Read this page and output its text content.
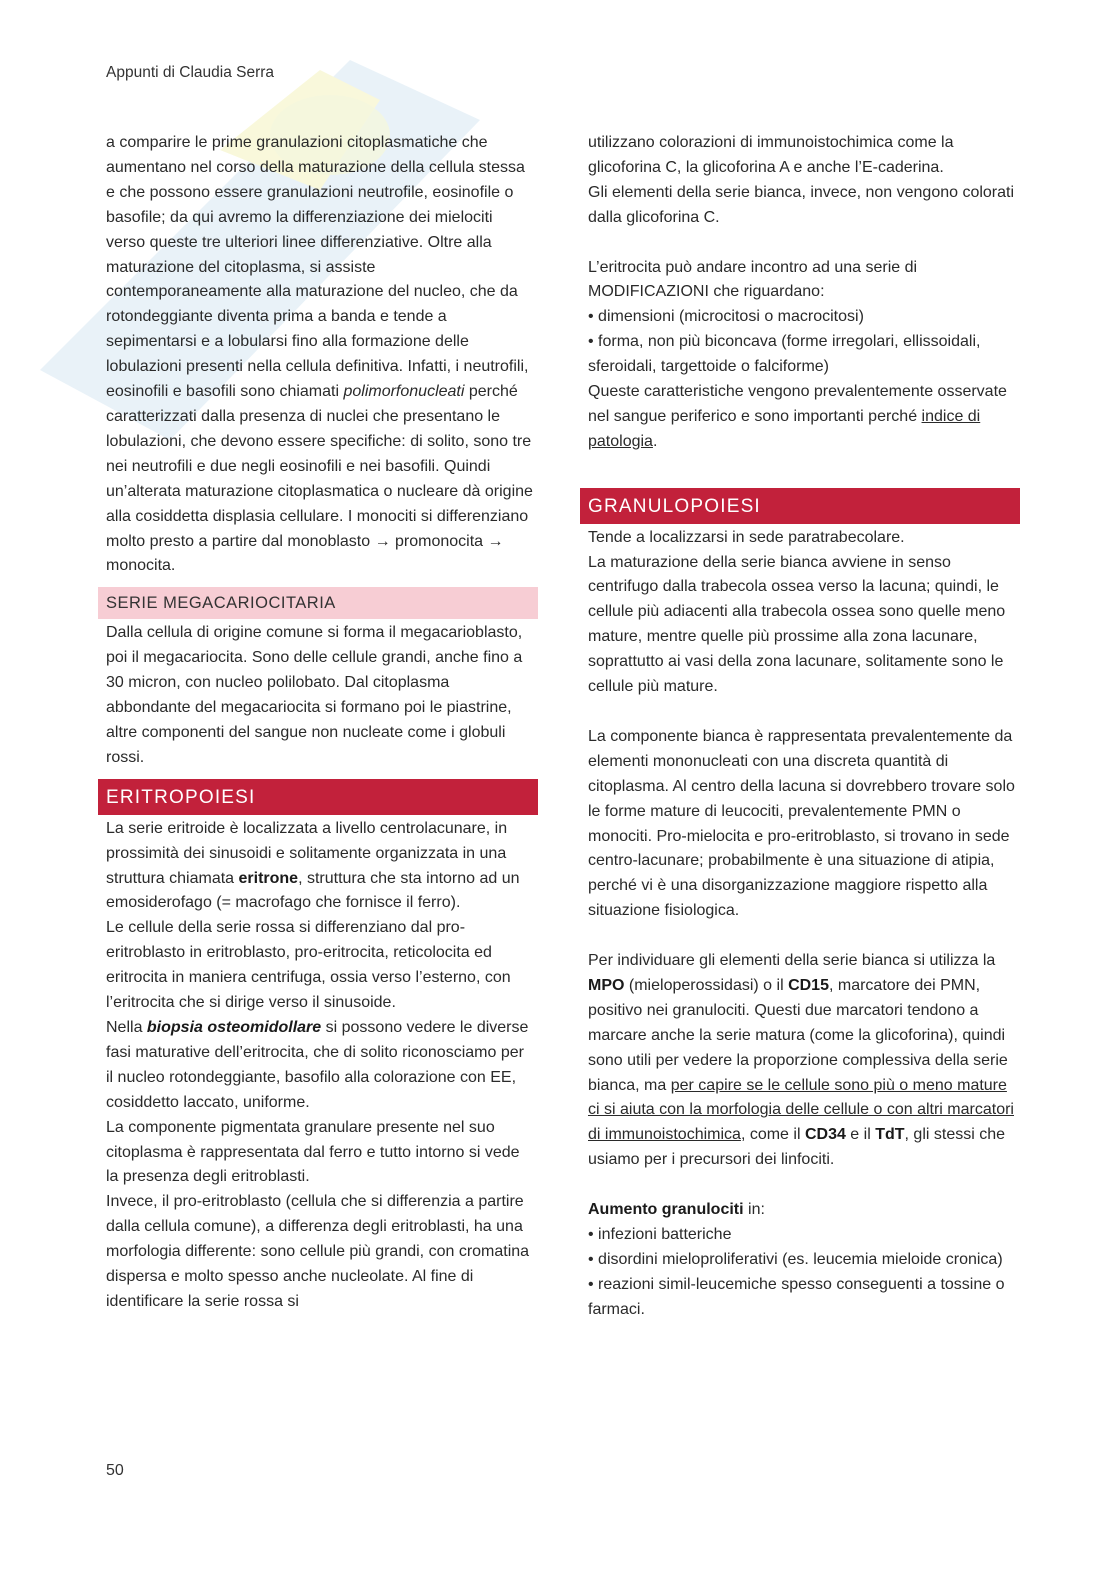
Appunti di Claudia Serra

a comparire le prime granulazioni citoplasmatiche che aumentano nel corso della maturazione della cellula stessa e che possono essere granulazioni neutrofile, eosinofile o basofile; da qui avremo la differenziazione dei mielociti verso queste tre ulteriori linee differenziative. Oltre alla maturazione del citoplasma, si assiste contemporaneamente alla maturazione del nucleo, che da rotondeggiante diventa prima a banda e tende a sepimentarsi e a lobularsi fino alla formazione delle lobulazioni presenti nella cellula definitiva. Infatti, i neutrofili, eosinofili e basofili sono chiamati polimorfonucleati perché caratterizzati dalla presenza di nuclei che presentano le lobulazioni, che devono essere specifiche: di solito, sono tre nei neutrofili e due negli eosinofili e nei basofili. Quindi un’alterata maturazione citoplasmatica o nucleare dà origine alla cosiddetta displasia cellulare. I monociti si differenziano molto presto a partire dal monoblasto → promonocita → monocita.

SERIE MEGACARIOCITARIA

Dalla cellula di origine comune si forma il megacarioblasto, poi il megacariocita. Sono delle cellule grandi, anche fino a 30 micron, con nucleo polilobato. Dal citoplasma abbondante del megacariocita si formano poi le piastrine, altre componenti del sangue non nucleate come i globuli rossi.

ERITROPOIESI

La serie eritroide è localizzata a livello centrolacunare, in prossimità dei sinusoidi e solitamente organizzata in una struttura chiamata eritrone, struttura che sta intorno ad un emosiderofago (= macrofago che fornisce il ferro).

Le cellule della serie rossa si differenziano dal pro-eritroblasto in eritroblasto, pro-eritrocita, reticolocita ed eritrocita in maniera centrifuga, ossia verso l’esterno, con l’eritrocita che si dirige verso il sinusoide.

Nella biopsia osteomidollare si possono vedere le diverse fasi maturative dell’eritrocita, che di solito riconosciamo per il nucleo rotondeggiante, basofilo alla colorazione con EE, cosiddetto laccato, uniforme.

La componente pigmentata granulare presente nel suo citoplasma è rappresentata dal ferro e tutto intorno si vede la presenza degli eritroblasti.

Invece, il pro-eritroblasto (cellula che si differenzia a partire dalla cellula comune), a differenza degli eritroblasti, ha una morfologia differente: sono cellule più grandi, con cromatina dispersa e molto spesso anche nucleolate. Al fine di identificare la serie rossa si

utilizzano colorazioni di immunoistochimica come la glicoforina C, la glicoforina A e anche l’E-caderina.

Gli elementi della serie bianca, invece, non vengono colorati dalla glicoforina C.

L’eritrocita può andare incontro ad una serie di MODIFICAZIONI che riguardano:

• dimensioni (microcitosi o macrocitosi)

• forma, non più biconcava (forme irregolari, ellissoidali, sferoidali, targettoide o falciforme)

Queste caratteristiche vengono prevalentemente osservate nel sangue periferico e sono importanti perché indice di patologia.

GRANULOPOIESI

Tende a localizzarsi in sede paratrabecolare.

La maturazione della serie bianca avviene in senso centrifugo dalla trabecola ossea verso la lacuna; quindi, le cellule più adiacenti alla trabecola ossea sono quelle meno mature, mentre quelle più prossime alla zona lacunare, soprattutto ai vasi della zona lacunare, solitamente sono le cellule più mature.

La componente bianca è rappresentata prevalentemente da elementi mononucleati con una discreta quantità di citoplasma. Al centro della lacuna si dovrebbero trovare solo le forme mature di leucociti, prevalentemente PMN o monociti. Pro-mielocita e pro-eritroblasto, si trovano in sede centro-lacunare; probabilmente è una situazione di atipia, perché vi è una disorganizzazione maggiore rispetto alla situazione fisiologica.

Per individuare gli elementi della serie bianca si utilizza la MPO (mieloperossidasi) o il CD15, marcatore dei PMN, positivo nei granulociti. Questi due marcatori tendono a marcare anche la serie matura (come la glicoforina), quindi sono utili per vedere la proporzione complessiva della serie bianca, ma per capire se le cellule sono più o meno mature ci si aiuta con la morfologia delle cellule o con altri marcatori di immunoistochimica, come il CD34 e il TdT, gli stessi che usiamo per i precursori dei linfociti.

Aumento granulociti in:

• infezioni batteriche

• disordini mieloproliferativi (es. leucemia mieloide cronica)

• reazioni simil-leucemiche spesso conseguenti a tossine o farmaci.

50
